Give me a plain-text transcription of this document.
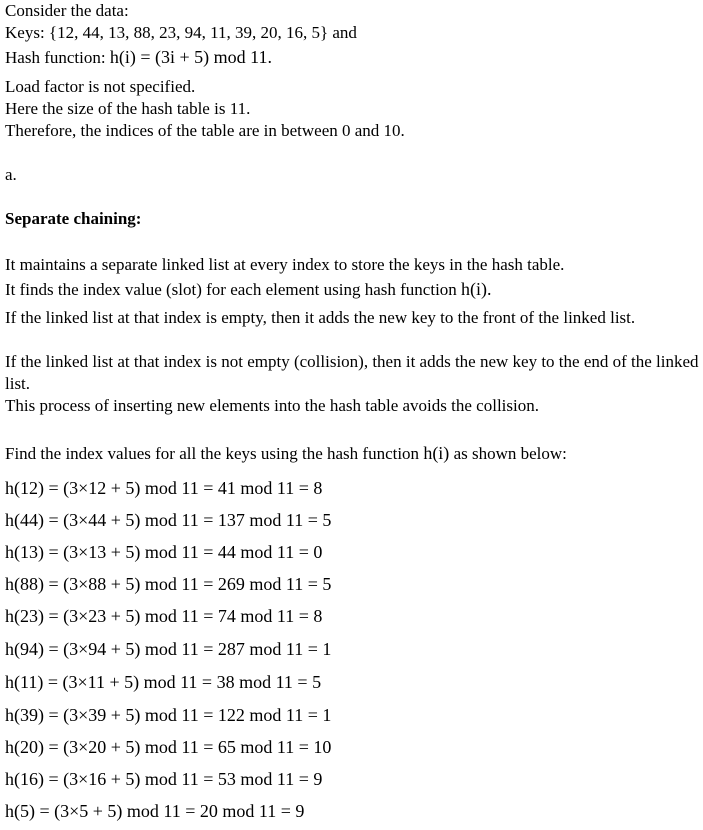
Consider the data:
Keys: {12, 44, 13, 88, 23, 94, 11, 39, 20, 16, 5} and
Hash function: h(i) = (3i + 5) mod 11.
Load factor is not specified.
Here the size of the hash table is 11.
Therefore, the indices of the table are in between 0 and 10.
a.
Separate chaining:
It maintains a separate linked list at every index to store the keys in the hash table.
It finds the index value (slot) for each element using hash function h(i).
If the linked list at that index is empty, then it adds the new key to the front of the linked list.
If the linked list at that index is not empty (collision), then it adds the new key to the end of the linked list.
This process of inserting new elements into the hash table avoids the collision.
Find the index values for all the keys using the hash function h(i) as shown below:
h(12) = (3×12 + 5) mod 11 = 41 mod 11 = 8
h(44) = (3×44 + 5) mod 11 = 137 mod 11 = 5
h(13) = (3×13 + 5) mod 11 = 44 mod 11 = 0
h(88) = (3×88 + 5) mod 11 = 269 mod 11 = 5
h(23) = (3×23 + 5) mod 11 = 74 mod 11 = 8
h(94) = (3×94 + 5) mod 11 = 287 mod 11 = 1
h(11) = (3×11 + 5) mod 11 = 38 mod 11 = 5
h(39) = (3×39 + 5) mod 11 = 122 mod 11 = 1
h(20) = (3×20 + 5) mod 11 = 65 mod 11 = 10
h(16) = (3×16 + 5) mod 11 = 53 mod 11 = 9
h(5) = (3×5 + 5) mod 11 = 20 mod 11 = 9
